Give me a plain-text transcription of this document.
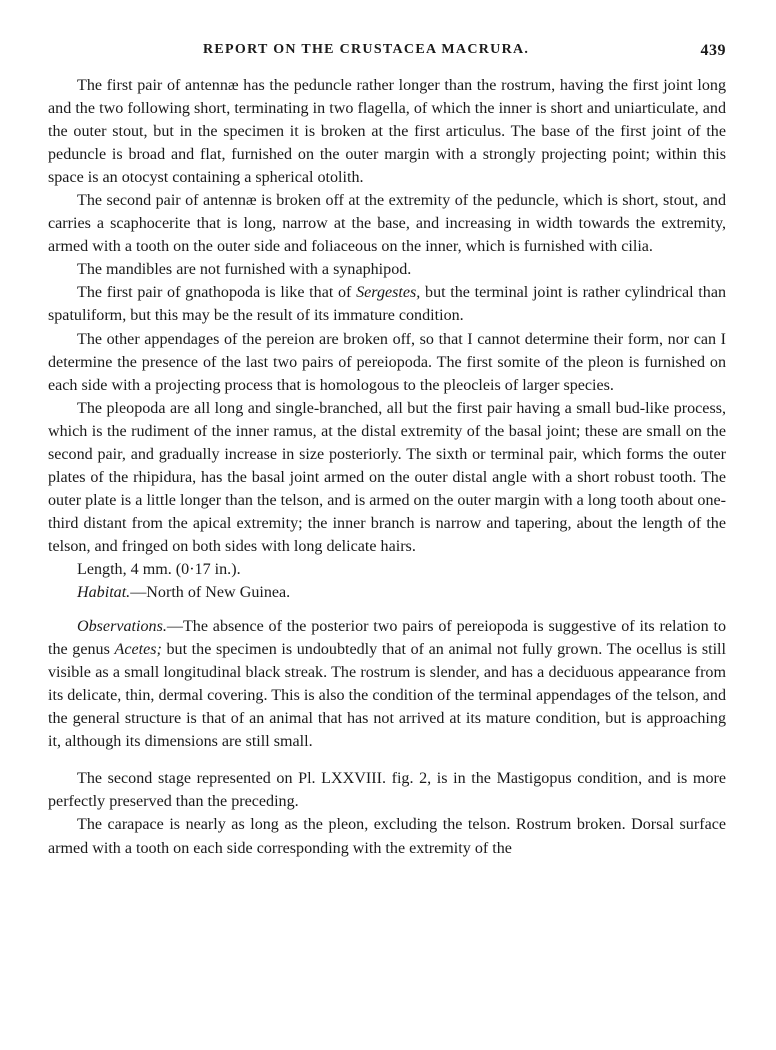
REPORT ON THE CRUSTACEA MACRURA.	439

The first pair of antennæ has the peduncle rather longer than the rostrum, having the first joint long and the two following short, terminating in two flagella, of which the inner is short and uniarticulate, and the outer stout, but in the specimen it is broken at the first articulus. The base of the first joint of the peduncle is broad and flat, furnished on the outer margin with a strongly projecting point; within this space is an otocyst containing a spherical otolith.

The second pair of antennæ is broken off at the extremity of the peduncle, which is short, stout, and carries a scaphocerite that is long, narrow at the base, and increasing in width towards the extremity, armed with a tooth on the outer side and foliaceous on the inner, which is furnished with cilia.

The mandibles are not furnished with a synaphipod.

The first pair of gnathopoda is like that of Sergestes, but the terminal joint is rather cylindrical than spatuliform, but this may be the result of its immature condition.

The other appendages of the pereion are broken off, so that I cannot determine their form, nor can I determine the presence of the last two pairs of pereiopoda. The first somite of the pleon is furnished on each side with a projecting process that is homologous to the pleocleis of larger species.

The pleopoda are all long and single-branched, all but the first pair having a small bud-like process, which is the rudiment of the inner ramus, at the distal extremity of the basal joint; these are small on the second pair, and gradually increase in size posteriorly. The sixth or terminal pair, which forms the outer plates of the rhipidura, has the basal joint armed on the outer distal angle with a short robust tooth. The outer plate is a little longer than the telson, and is armed on the outer margin with a long tooth about one-third distant from the apical extremity; the inner branch is narrow and tapering, about the length of the telson, and fringed on both sides with long delicate hairs.

Length, 4 mm. (0·17 in.).

Habitat.—North of New Guinea.

Observations.—The absence of the posterior two pairs of pereiopoda is suggestive of its relation to the genus Acetes; but the specimen is undoubtedly that of an animal not fully grown. The ocellus is still visible as a small longitudinal black streak. The rostrum is slender, and has a deciduous appearance from its delicate, thin, dermal covering. This is also the condition of the terminal appendages of the telson, and the general structure is that of an animal that has not arrived at its mature condition, but is approaching it, although its dimensions are still small.

The second stage represented on Pl. LXXVIII. fig. 2, is in the Mastigopus condition, and is more perfectly preserved than the preceding.

The carapace is nearly as long as the pleon, excluding the telson. Rostrum broken. Dorsal surface armed with a tooth on each side corresponding with the extremity of the
